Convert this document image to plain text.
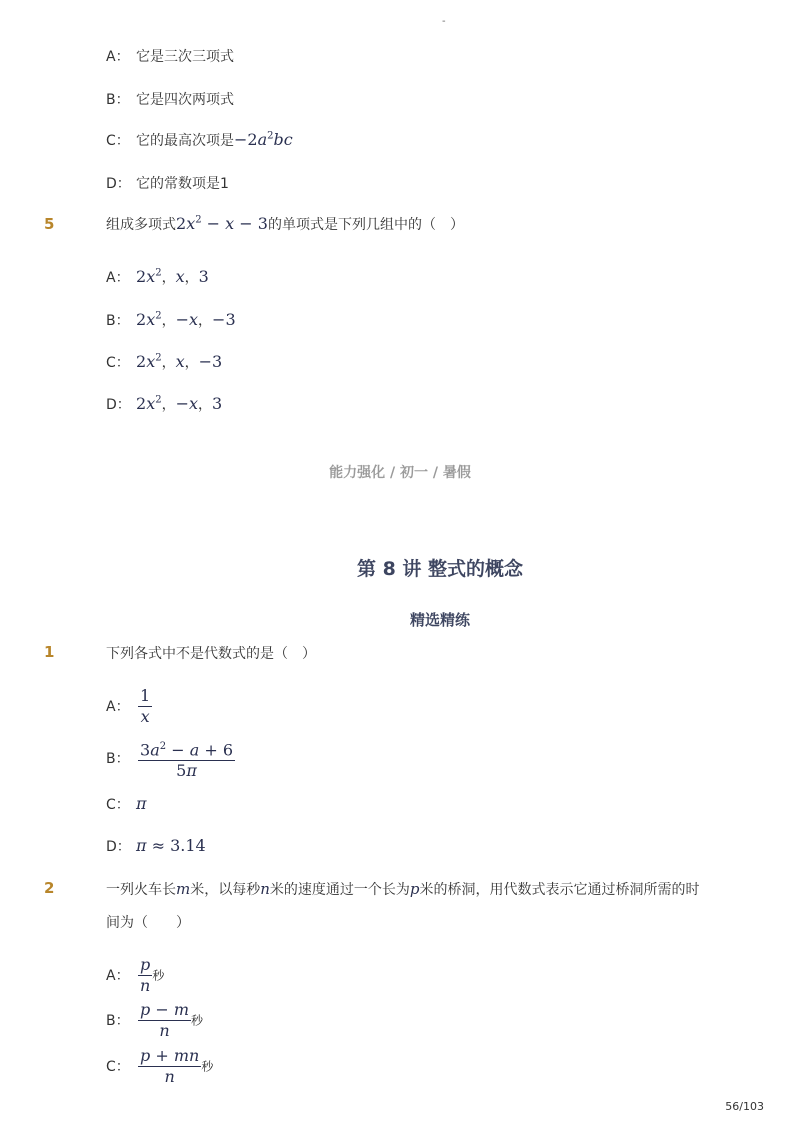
-
A： 它是三次三项式
B： 它是四次两项式
C： 它的最高次项是$-2a^2bc$
D： 它的常数项是1
5	组成多项式$2x^2 - x - 3$的单项式是下列几组中的（　）
A： $2x^2$，x，3
B： $2x^2$，−x，−3
C： $2x^2$，x，−3
D： $2x^2$，−x，3
能力强化 / 初一 / 暑假
第 8 讲 整式的概念
精选精练
1	下列各式中不是代数式的是（　）
A： $\frac{1}{x}$
B： $\frac{3a^2 - a + 6}{5\pi}$
C： π
D： π ≈ 3.14
2	一列火车长m米，以每秒n米的速度通过一个长为p米的桥洞，用代数式表示它通过桥洞所需的时
间为（　　）
A： $\frac{p}{n}$ 秒
B： $\frac{p - m}{n}$ 秒
C： $\frac{p + mn}{n}$ 秒
56/103
